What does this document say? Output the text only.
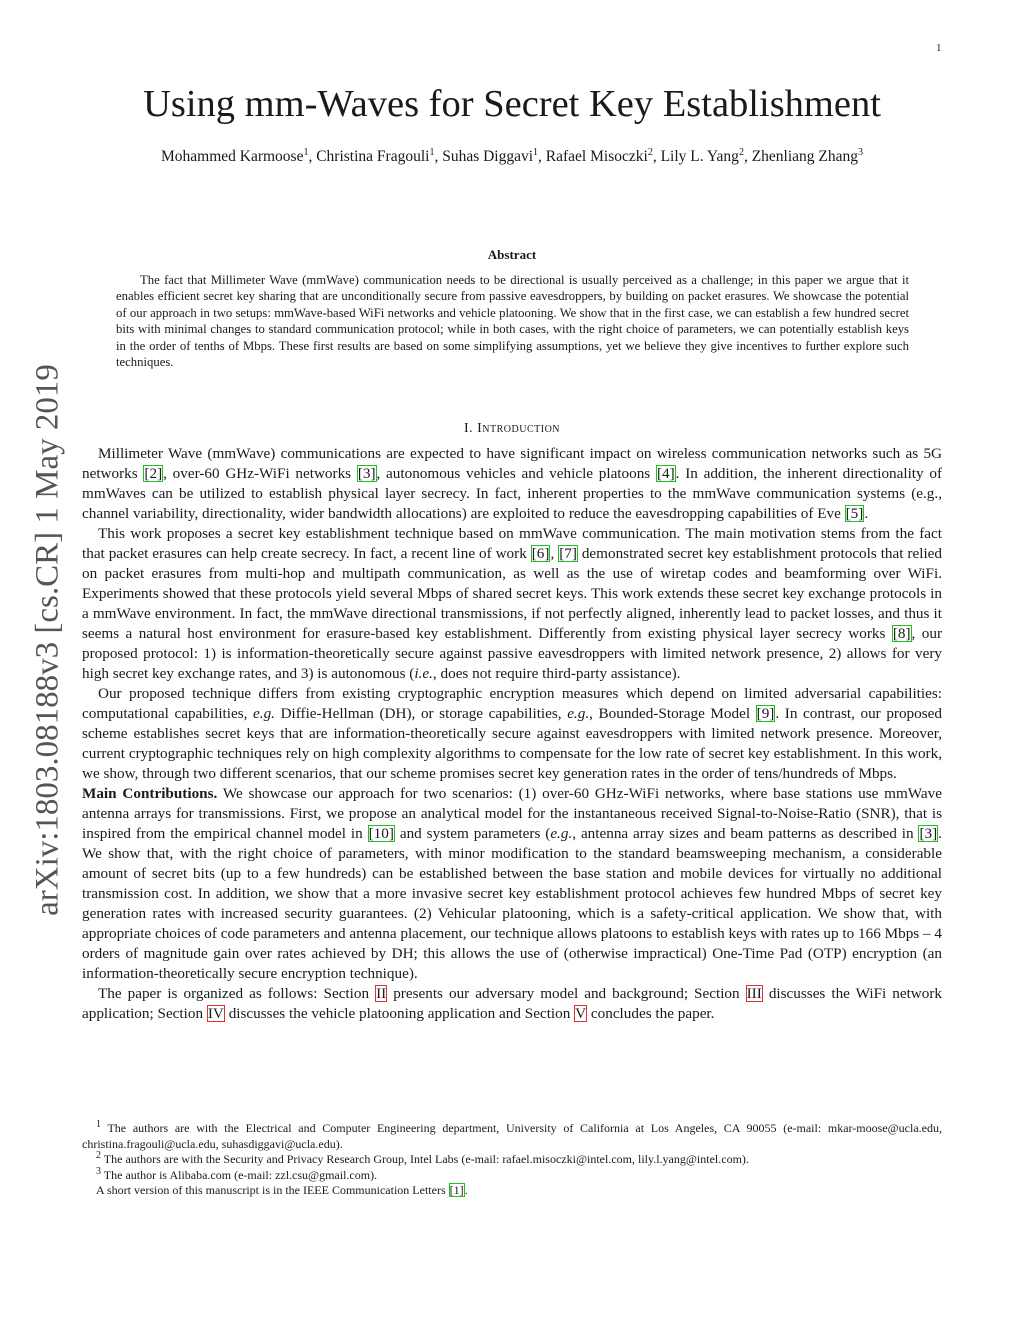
1
arXiv:1803.08188v3 [cs.CR] 1 May 2019
Using mm-Waves for Secret Key Establishment
Mohammed Karmoose$^1$, Christina Fragouli$^1$, Suhas Diggavi$^1$, Rafael Misoczki$^2$, Lily L. Yang$^2$, Zhenliang Zhang$^3$
Abstract

The fact that Millimeter Wave (mmWave) communication needs to be directional is usually perceived as a challenge; in this paper we argue that it enables efficient secret key sharing that are unconditionally secure from passive eavesdroppers, by building on packet erasures. We showcase the potential of our approach in two setups: mmWave-based WiFi networks and vehicle platooning. We show that in the first case, we can establish a few hundred secret bits with minimal changes to standard communication protocol; while in both cases, with the right choice of parameters, we can potentially establish keys in the order of tenths of Mbps. These first results are based on some simplifying assumptions, yet we believe they give incentives to further explore such techniques.

I. Introduction

Millimeter Wave (mmWave) communications are expected to have significant impact on wireless communication networks such as 5G networks [2], over-60 GHz-WiFi networks [3], autonomous vehicles and vehicle platoons [4]. In addition, the inherent directionality of mmWaves can be utilized to establish physical layer secrecy. In fact, inherent properties to the mmWave communication systems (e.g., channel variability, directionality, wider bandwidth allocations) are exploited to reduce the eavesdropping capabilities of Eve [5].

This work proposes a secret key establishment technique based on mmWave communication. The main motivation stems from the fact that packet erasures can help create secrecy. In fact, a recent line of work [6], [7] demonstrated secret key establishment protocols that relied on packet erasures from multi-hop and multipath communication, as well as the use of wiretap codes and beamforming over WiFi. Experiments showed that these protocols yield several Mbps of shared secret keys. This work extends these secret key exchange protocols in a mmWave environment. In fact, the mmWave directional transmissions, if not perfectly aligned, inherently lead to packet losses, and thus it seems a natural host environment for erasure-based key establishment. Differently from existing physical layer secrecy works [8], our proposed protocol: 1) is information-theoretically secure against passive eavesdroppers with limited network presence, 2) allows for very high secret key exchange rates, and 3) is autonomous (i.e., does not require third-party assistance).

Our proposed technique differs from existing cryptographic encryption measures which depend on limited adversarial capabilities: computational capabilities, e.g. Diffie-Hellman (DH), or storage capabilities, e.g., Bounded-Storage Model [9]. In contrast, our proposed scheme establishes secret keys that are information-theoretically secure against eavesdroppers with limited network presence. Moreover, current cryptographic techniques rely on high complexity algorithms to compensate for the low rate of secret key establishment. In this work, we show, through two different scenarios, that our scheme promises secret key generation rates in the order of tens/hundreds of Mbps.

Main Contributions. We showcase our approach for two scenarios: (1) over-60 GHz-WiFi networks, where base stations use mmWave antenna arrays for transmissions. First, we propose an analytical model for the instantaneous received Signal-to-Noise-Ratio (SNR), that is inspired from the empirical channel model in [10] and system parameters (e.g., antenna array sizes and beam patterns as described in [3]. We show that, with the right choice of parameters, with minor modification to the standard beamsweeping mechanism, a considerable amount of secret bits (up to a few hundreds) can be established between the base station and mobile devices for virtually no additional transmission cost. In addition, we show that a more invasive secret key establishment protocol achieves few hundred Mbps of secret key generation rates with increased security guarantees. (2) Vehicular platooning, which is a safety-critical application. We show that, with appropriate choices of code parameters and antenna placement, our technique allows platoons to establish keys with rates up to 166 Mbps – 4 orders of magnitude gain over rates achieved by DH; this allows the use of (otherwise impractical) One-Time Pad (OTP) encryption (an information-theoretically secure encryption technique).

The paper is organized as follows: Section II presents our adversary model and background; Section III discusses the WiFi network application; Section IV discusses the vehicle platooning application and Section V concludes the paper.

$^1$ The authors are with the Electrical and Computer Engineering department, University of California at Los Angeles, CA 90055 (e-mail: mkar-moose@ucla.edu, christina.fragouli@ucla.edu, suhasdiggavi@ucla.edu).

$^2$ The authors are with the Security and Privacy Research Group, Intel Labs (e-mail: rafael.misoczki@intel.com, lily.l.yang@intel.com).

$^3$ The author is Alibaba.com (e-mail: zzl.csu@gmail.com).

A short version of this manuscript is in the IEEE Communication Letters [1].
